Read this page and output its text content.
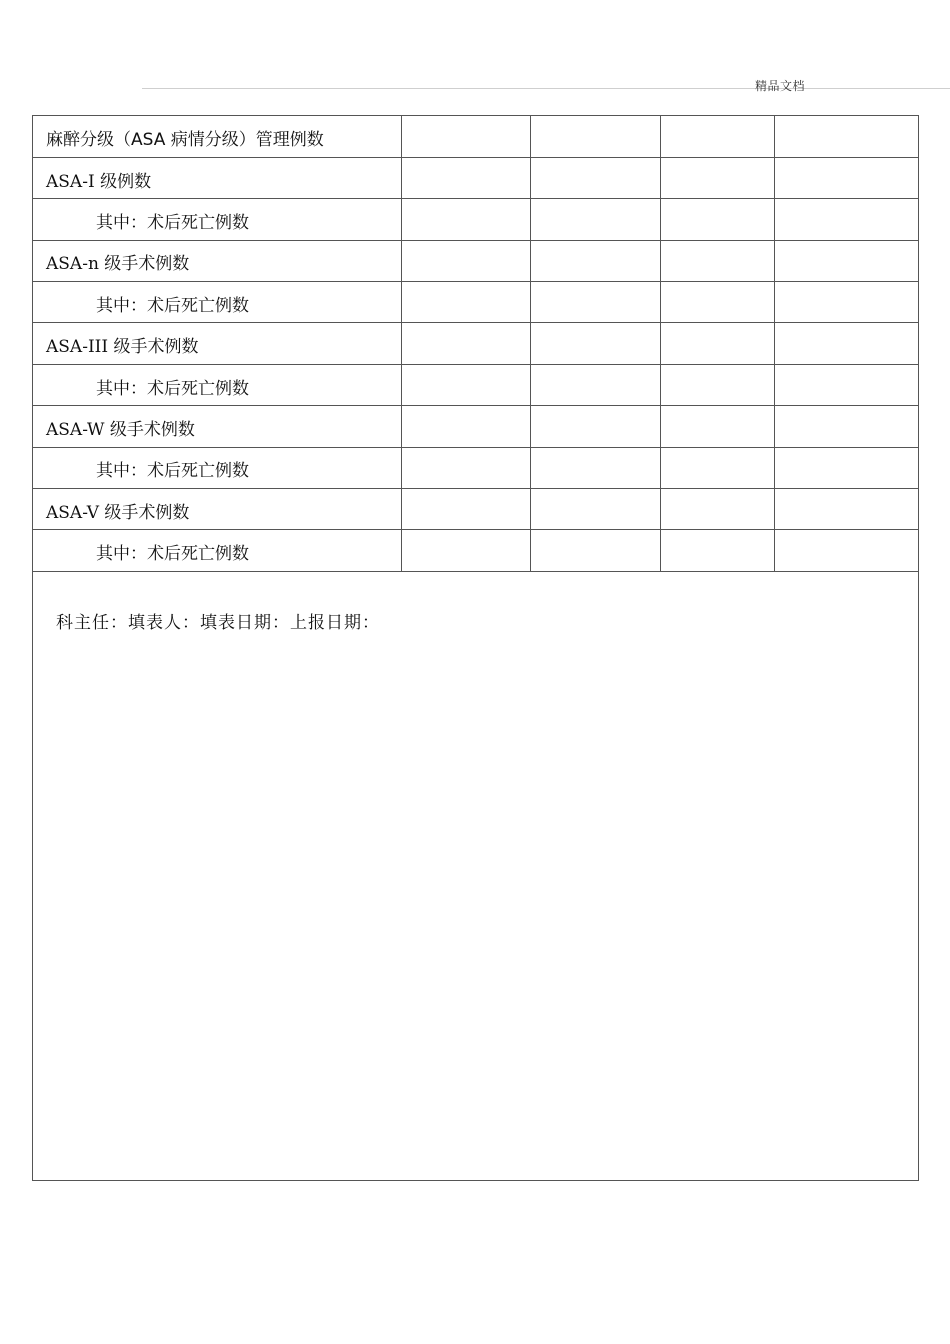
精品文档
麻醉分级（ASA 病情分级）管理例数				
ASA-I 级例数				
其中：术后死亡例数				
ASA-n 级手术例数				
其中：术后死亡例数				
ASA-III 级手术例数				
其中：术后死亡例数				
ASA-W 级手术例数				
其中：术后死亡例数				
ASA-V 级手术例数				
其中：术后死亡例数				
科主任：填表人：填表日期：上报日期：
